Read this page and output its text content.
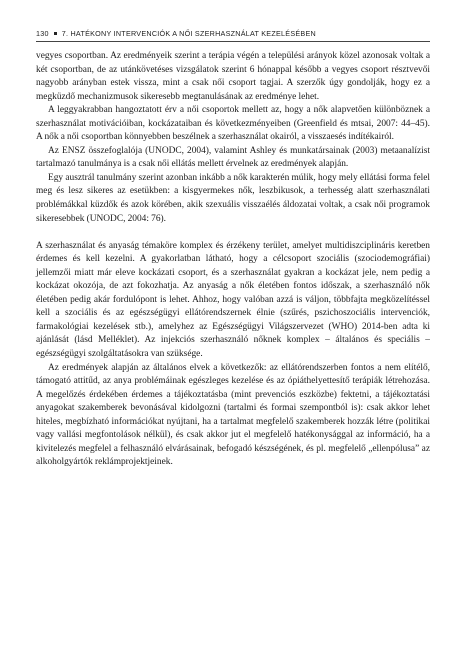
130 7. HATÉKONY INTERVENCIÓK A NŐI SZERHASZNÁLAT KEZELÉSÉBEN

vegyes csoportban. Az eredményeik szerint a terápia végén a települési arányok közel azonosak voltak a két csoportban, de az utánkövetéses vizsgálatok szerint 6 hónappal később a vegyes csoport résztvevői nagyobb arányban estek vissza, mint a csak női csoport tagjai. A szerzők úgy gondolják, hogy ez a megküzdő mechanizmusok sikeresebb megtanulásának az eredménye lehet.

A leggyakrabban hangoztatott érv a női csoportok mellett az, hogy a nők alapvetően különböznek a szerhasználat motivációiban, kockázataiban és következményeiben (Greenfield és mtsai, 2007: 44–45). A nők a női csoportban könnyebben beszélnek a szerhasználat okairól, a visszaesés indítékairól.

Az ENSZ összefoglalója (UNODC, 2004), valamint Ashley és munkatársainak (2003) metaanalízist tartalmazó tanulmánya is a csak női ellátás mellett érvelnek az eredmények alapján.

Egy ausztrál tanulmány szerint azonban inkább a nők karakterén múlik, hogy mely ellátási forma felel meg és lesz sikeres az esetükben: a kisgyermekes nők, leszbikusok, a terhesség alatt szerhasználati problémákkal küzdők és azok körében, akik szexuális visszaélés áldozatai voltak, a csak női programok sikeresebbek (UNODC, 2004: 76).

A szerhasználat és anyaság témaköre komplex és érzékeny terület, amelyet multidiszciplináris keretben érdemes és kell kezelni. A gyakorlatban látható, hogy a célcsoport szociális (szociodemográfiai) jellemzői miatt már eleve kockázati csoport, és a szerhasználat gyakran a kockázat jele, nem pedig a kockázat okozója, de azt fokozhatja. Az anyaság a nők életében fontos időszak, a szerhasználó nők életében pedig akár fordulópont is lehet. Ahhoz, hogy valóban azzá is váljon, többfajta megközelítéssel kell a szociális és az egészségügyi ellátórendszernek élnie (szűrés, pszichoszociális intervenciók, farmakológiai kezelések stb.), amelyhez az Egészségügyi Világszervezet (WHO) 2014-ben adta ki ajánlását (lásd Melléklet). Az injekciós szerhasználó nőknek komplex – általános és speciális – egészségügyi szolgáltatásokra van szüksége.

Az eredmények alapján az általános elvek a következők: az ellátórendszerben fontos a nem elítélő, támogató attitűd, az anya problémáinak egészleges kezelése és az ópiáthelyettesítő terápiák létrehozása. A megelőzés érdekében érdemes a tájékoztatásba (mint prevenciós eszközbe) fektetni, a tájékoztatási anyagokat szakemberek bevonásával kidolgozni (tartalmi és formai szempontból is): csak akkor lehet hiteles, megbízható információkat nyújtani, ha a tartalmat megfelelő szakemberek hozzák létre (politikai vagy vallási megfontolások nélkül), és csak akkor jut el megfelelő hatékonysággal az információ, ha a kivitelezés megfelel a felhasználó elvárásainak, befogadó készségének, és pl. megfelelő „ellenpólusa” az alkoholgyártók reklámprojektjeinek.
